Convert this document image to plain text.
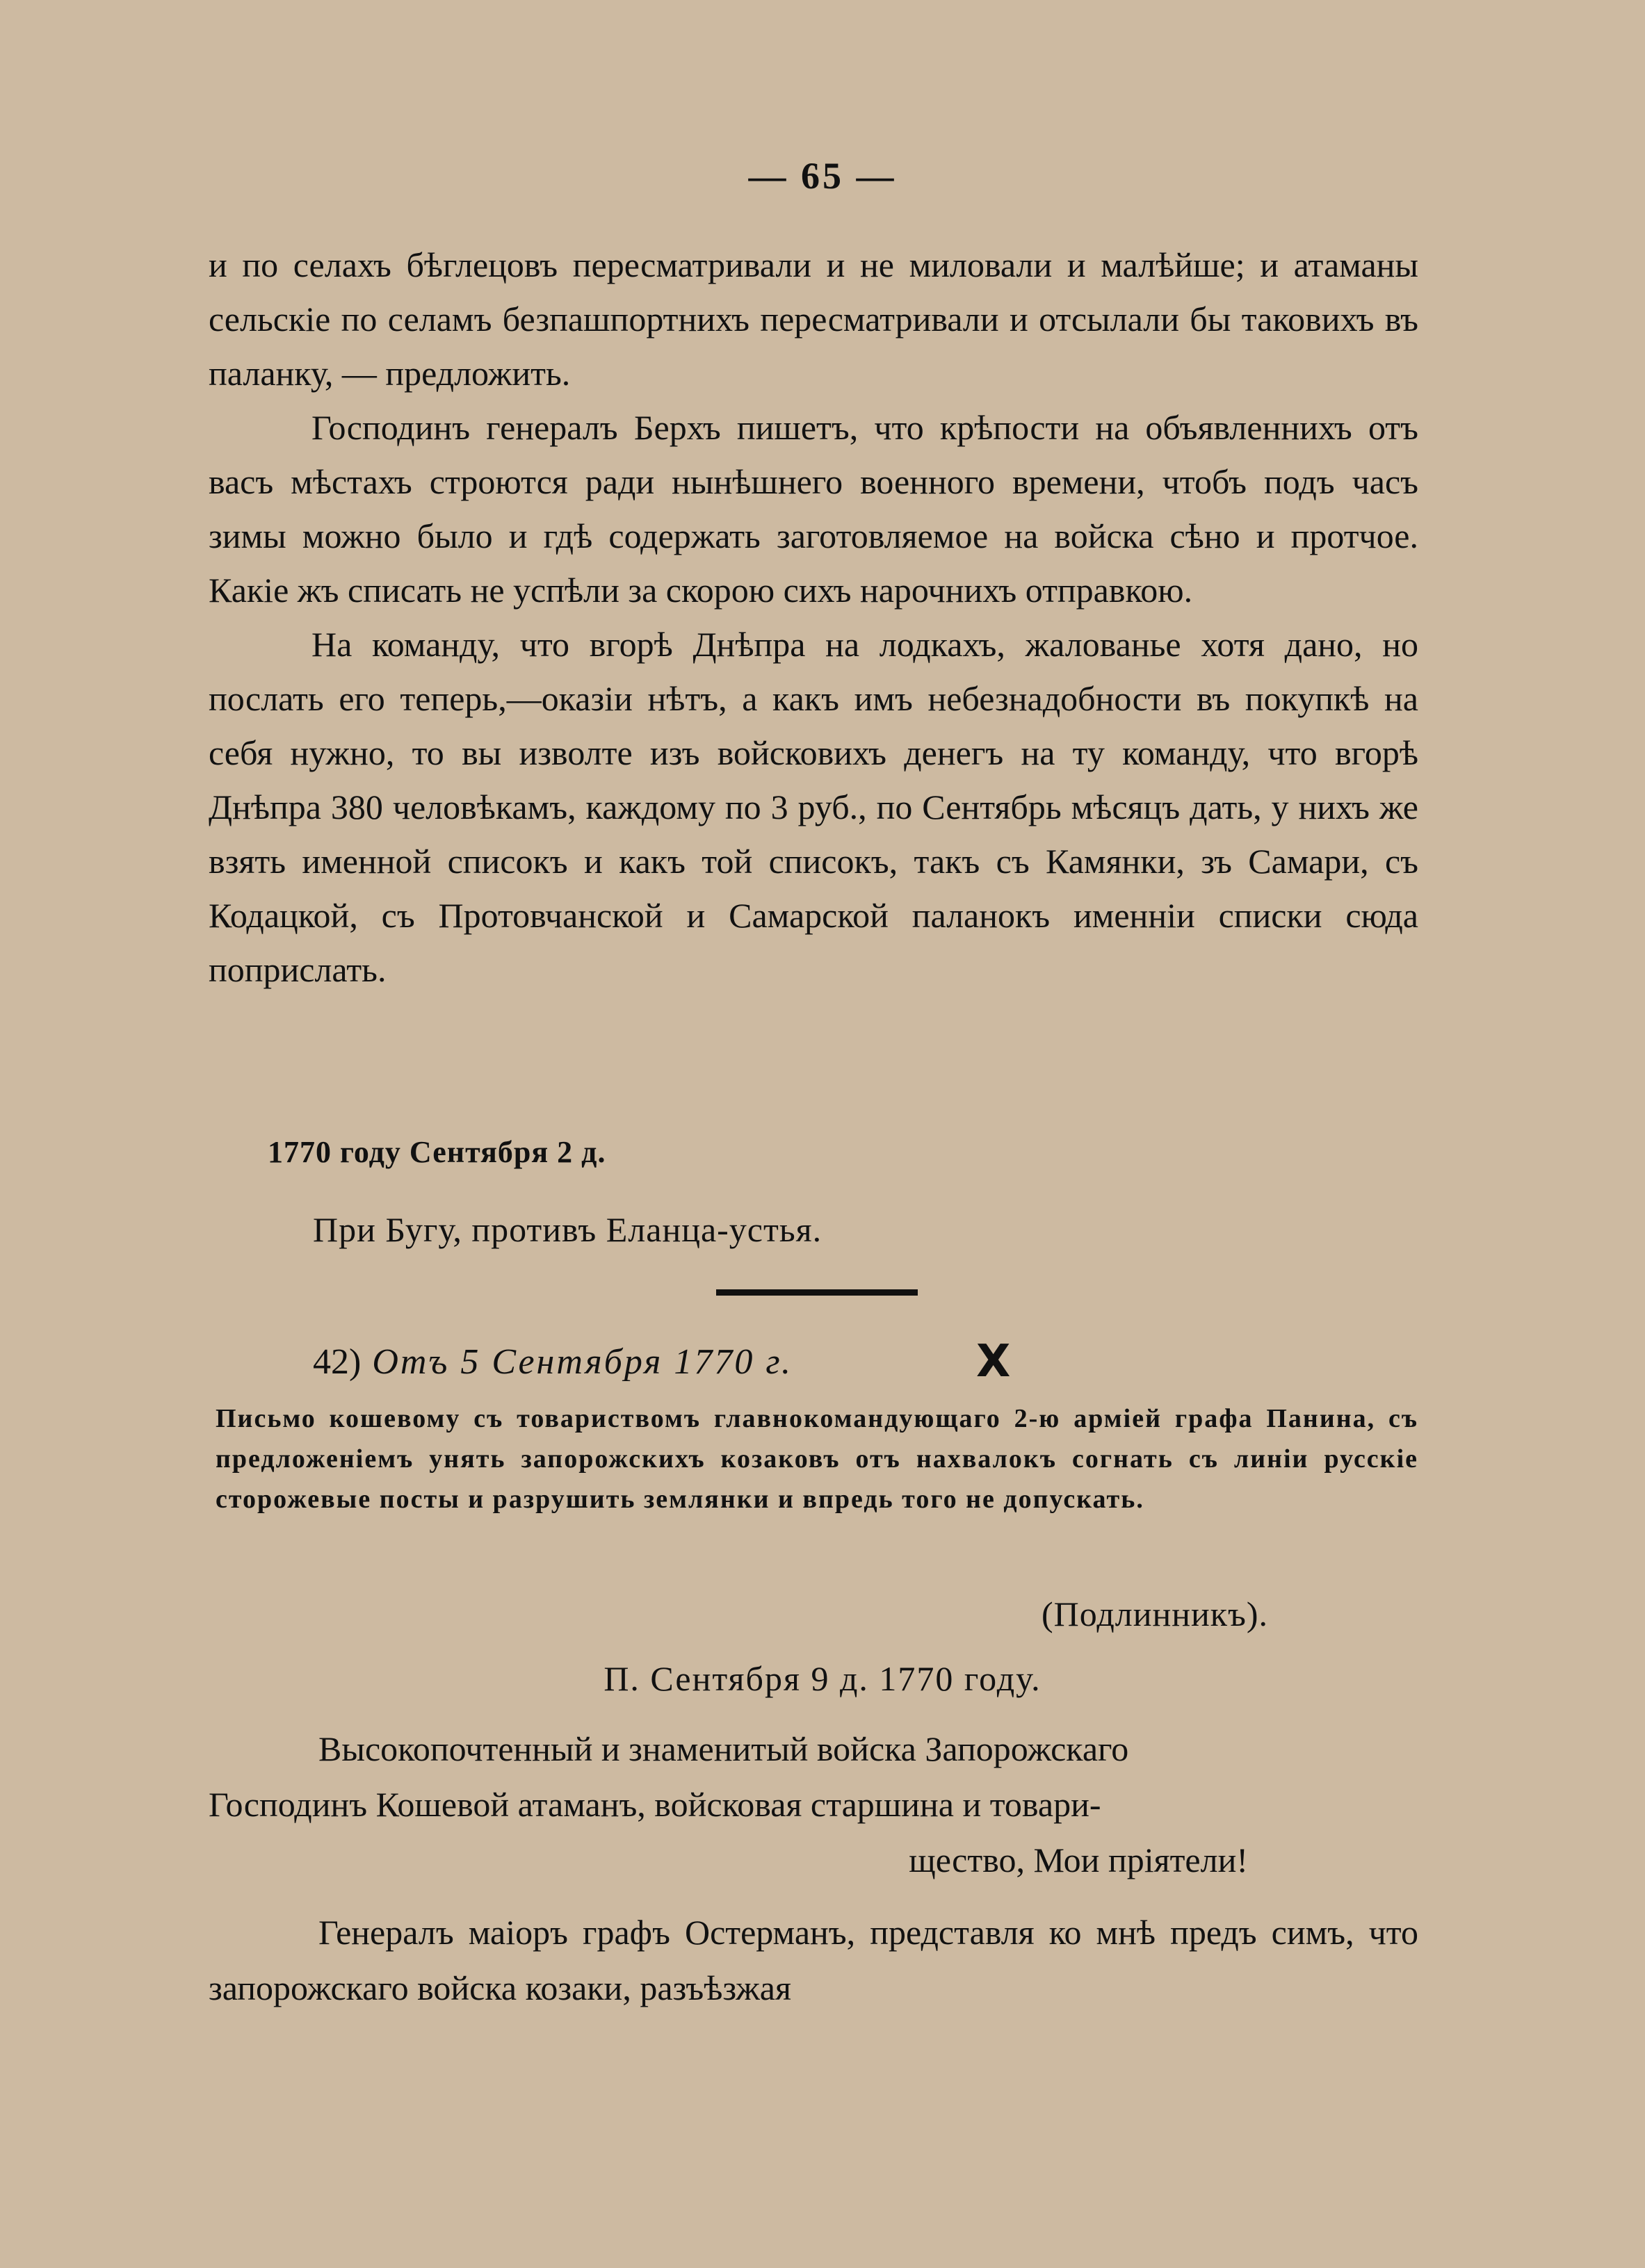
— 65 —

и по селахъ бѣглецовъ пересматривали и не миловали и малѣйше; и атаманы сельскіе по селамъ безпашпортнихъ пересматривали и отсылали бы таковихъ въ паланку, — предложить.

Господинъ генералъ Берхъ пишетъ, что крѣпости на объявленнихъ отъ васъ мѣстахъ строются ради нынѣшнего военного времени, чтобъ подъ часъ зимы можно было и гдѣ содержать заготовляемое на войска сѣно и протчое. Какіе жъ списать не успѣли за скорою сихъ нарочнихъ отправкою.

На команду, что вгорѣ Днѣпра на лодкахъ, жалованье хотя дано, но послать его теперь,—оказіи нѣтъ, а какъ имъ небезнадобности въ покупкѣ на себя нужно, то вы изволте изъ войсковихъ денегъ на ту команду, что вгорѣ Днѣпра 380 человѣкамъ, каждому по 3 руб., по Сентябрь мѣсяцъ дать, у нихъ же взять именной списокъ и какъ той списокъ, такъ съ Камянки, зъ Самари, съ Кодацкой, съ Протовчанской и Самарской паланокъ именніи списки сюда поприслать.

1770 году Сентября 2 д.
При Бугу, противъ Еланца-устья.
42) Отъ 5 Сентября 1770 г.	X
Письмо кошевому съ товариствомъ главнокомандующаго 2-ю арміей графа Панина, съ предложеніемъ унять запорожскихъ козаковъ отъ нахвалокъ согнать съ линіи русскіе сторожевые посты и разрушить землянки и впредь того не допускать.
(Подлинникъ).
П. Сентября 9 д. 1770 году.

Высокопочтенный и знаменитый войска Запорожскаго

Господинъ Кошевой атаманъ, войсковая старшина и товари-

щество, Мои пріятели!

Генералъ маіоръ графъ Остерманъ, представля ко мнѣ предъ симъ, что запорожскаго войска козаки, разъѣзжая
